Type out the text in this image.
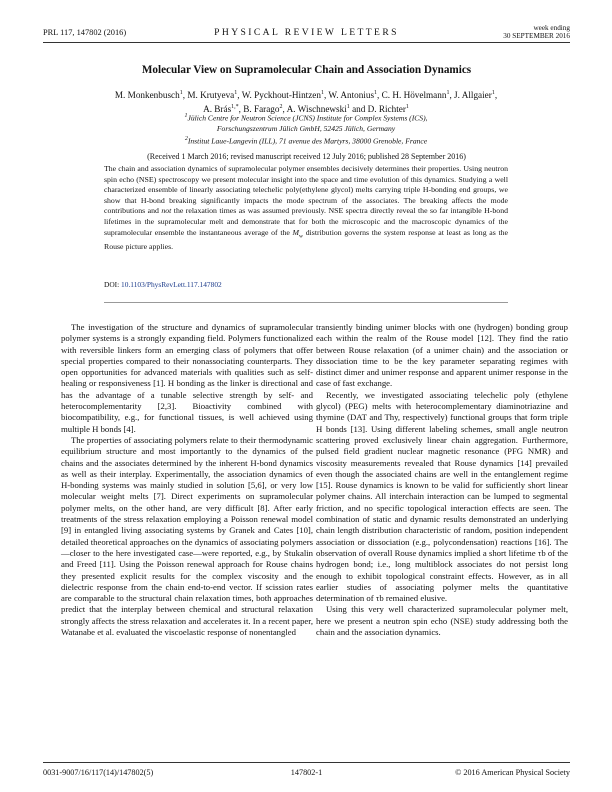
PRL 117, 147802 (2016)	PHYSICAL REVIEW LETTERS	week ending
30 SEPTEMBER 2016
Molecular View on Supramolecular Chain and Association Dynamics
M. Monkenbusch$^1$, M. Krutyeva$^1$, W. Pyckhout-Hintzen$^1$, W. Antonius$^1$, C. H. Hövelmann$^1$, J. Allgaier$^1$,
A. Brás$^{1,*}$, B. Farago$^2$, A. Wischnewski$^1$ and D. Richter$^1$
$^1$Jülich Centre for Neutron Science (JCNS) Institute for Complex Systems (ICS),
Forschungszentrum Jülich GmbH, 52425 Jülich, Germany
$^2$Institut Laue-Langevin (ILL), 71 avenue des Martyrs, 38000 Grenoble, France
(Received 1 March 2016; revised manuscript received 12 July 2016; published 28 September 2016)
The chain and association dynamics of supramolecular polymer ensembles decisively determines their properties. Using neutron spin echo (NSE) spectroscopy we present molecular insight into the space and time evolution of this dynamics. Studying a well characterized ensemble of linearly associating telechelic poly(ethylene glycol) melts carrying triple H-bonding end groups, we show that H-bond breaking significantly impacts the mode spectrum of the associates. The breaking affects the mode contributions and not the relaxation times as was assumed previously. NSE spectra directly reveal the so far intangible H-bond lifetimes in the supramolecular melt and demonstrate that for both the microscopic and the macroscopic dynamics of the supramolecular ensemble the instantaneous average of the $M_w$ distribution governs the system response at least as long as the Rouse picture applies.
DOI: 10.1103/PhysRevLett.117.147802

The investigation of the structure and dynamics of supramolecular polymer systems is a strongly expanding field. Polymers functionalized with reversible linkers form an emerging class of polymers that offer special properties compared to their nonassociating counterparts. They open opportunities for advanced materials with qualities such as self-healing or responsiveness [1]. H bonding as the linker is directional and has the advantage of a tunable selective strength by self- and heterocomplementarity [2,3]. Bioactivity combined with biocompatibility, e.g., for functional tissues, is well achieved using multiple H bonds [4].

The properties of associating polymers relate to their thermodynamic equilibrium structure and most importantly to the dynamics of the chains and the associates determined by the inherent H-bond dynamics as well as their interplay. Experimentally, the association dynamics of H-bonding systems was mainly studied in solution [5,6], or very low molecular weight melts [7]. Direct experiments on supramolecular polymer melts, on the other hand, are very difficult [8]. After early treatments of the stress relaxation employing a Poisson renewal model [9] in entangled living associating systems by Granek and Cates [10], detailed theoretical approaches on the dynamics of associating polymers—closer to the here investigated case—were reported, e.g., by Stukalin and Freed [11]. Using the Poisson renewal approach for Rouse chains they presented explicit results for the complex viscosity and the dielectric response from the chain end-to-end vector. If scission rates are comparable to the structural chain relaxation times, both approaches predict that the interplay between chemical and structural relaxation strongly affects the stress relaxation and accelerates it. In a recent paper, Watanabe et al. evaluated the viscoelastic response of nonentangled

transiently binding unimer blocks with one (hydrogen) bonding group each within the realm of the Rouse model [12]. They find the ratio between Rouse relaxation (of a unimer chain) and the association or dissociation time to be the key parameter separating regimes with distinct dimer and unimer response and apparent unimer response in the case of fast exchange.

Recently, we investigated associating telechelic poly (ethylene glycol) (PEG) melts with heterocomplementary diaminotriazine and thymine (DAT and Thy, respectively) functional groups that form triple H bonds [13]. Using different labeling schemes, small angle neutron scattering proved exclusively linear chain aggregation. Furthermore, pulsed field gradient nuclear magnetic resonance (PFG NMR) and viscosity measurements revealed that Rouse dynamics [14] prevailed even though the associated chains are well in the entanglement regime [15]. Rouse dynamics is known to be valid for sufficiently short linear polymer chains. All interchain interaction can be lumped to segmental friction, and no specific topological interaction effects are seen. The combination of static and dynamic results demonstrated an underlying chain length distribution characteristic of random, position independent association or dissociation (e.g., polycondensation) reactions [16]. The observation of overall Rouse dynamics implied a short lifetime τb of the hydrogen bond; i.e., long multiblock associates do not persist long enough to exhibit topological constraint effects. However, as in all earlier studies of associating polymer melts the quantitative determination of τb remained elusive.

Using this very well characterized supramolecular polymer melt, here we present a neutron spin echo (NSE) study addressing both the chain and the association dynamics.

0031-9007/16/117(14)/147802(5)	147802-1	© 2016 American Physical Society
